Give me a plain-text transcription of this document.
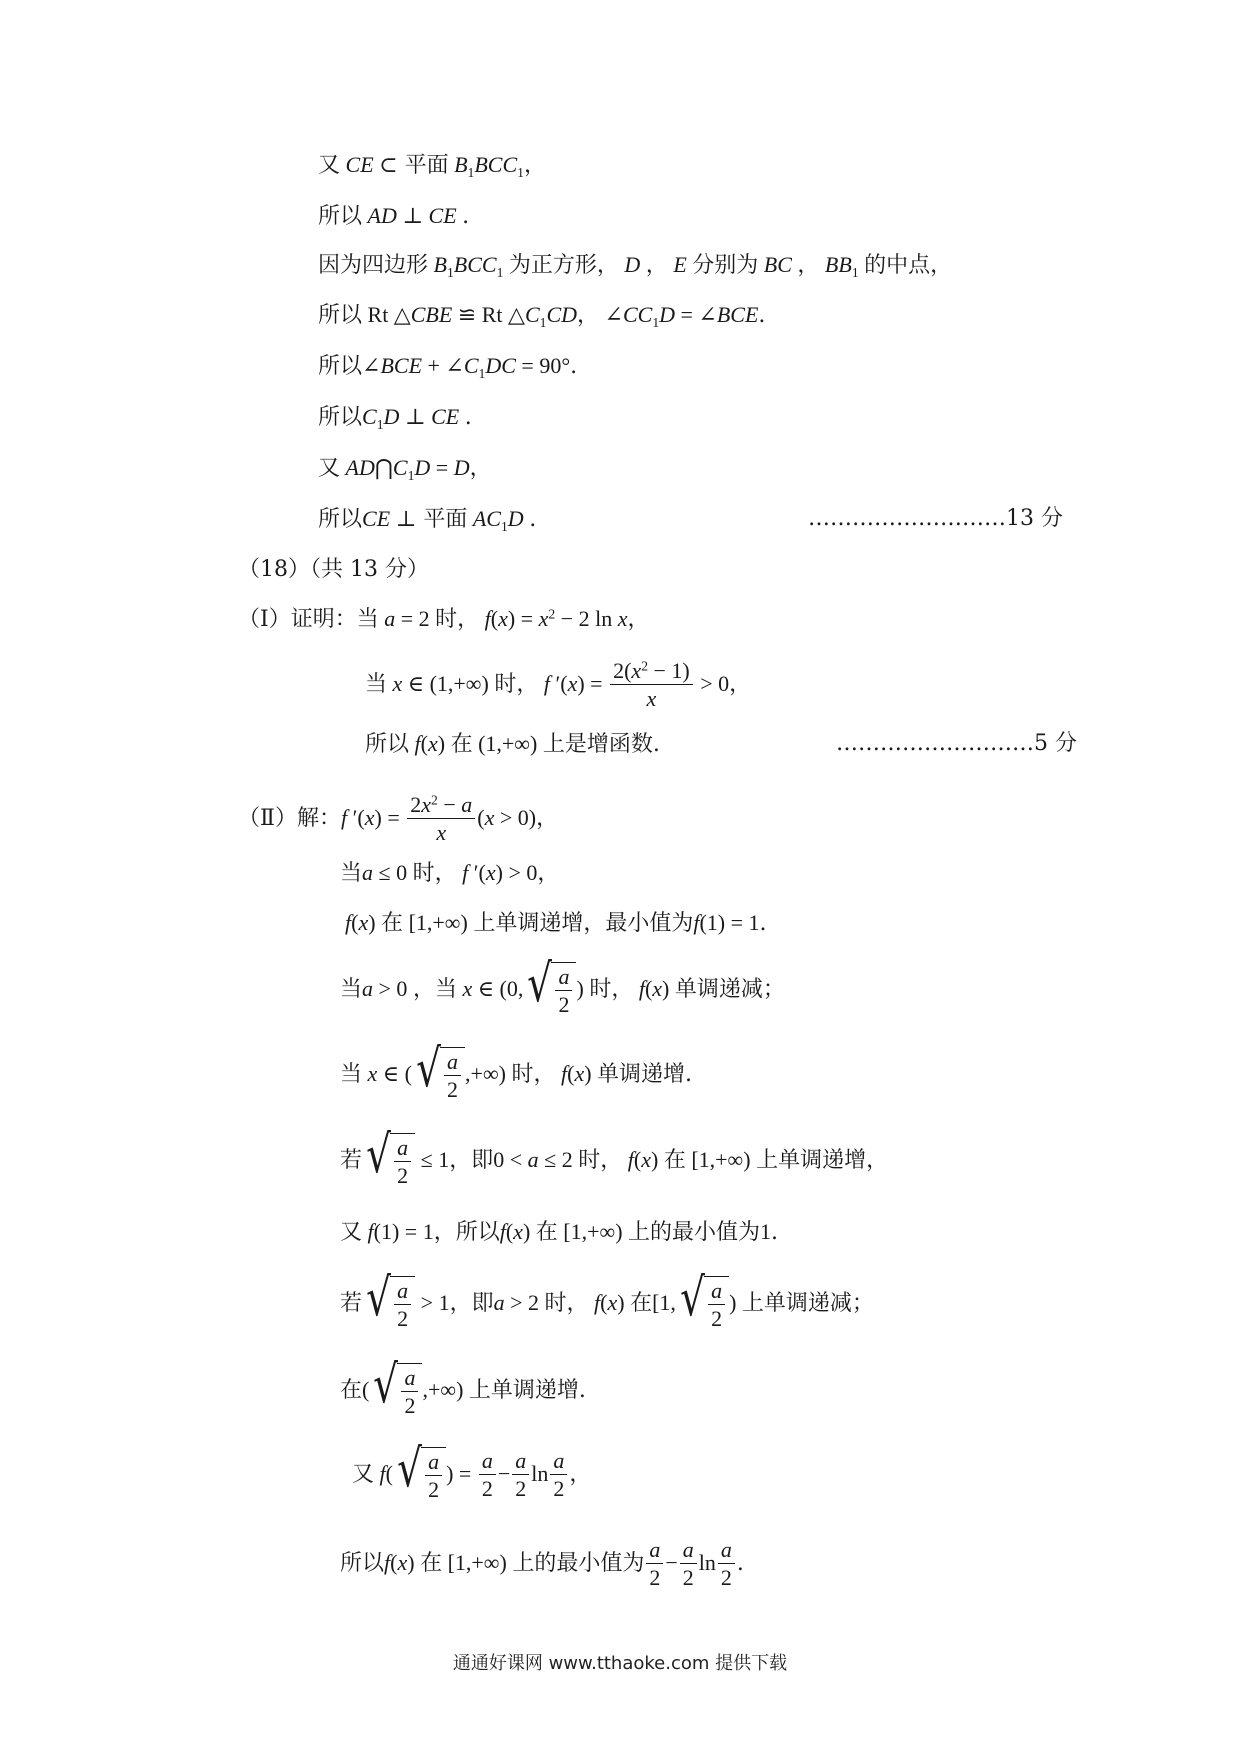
又 CE ⊂ 平面 $B_1BCC_1$，
所以 AD ⊥ CE .
因为四边形 $B_1BCC_1$ 为正方形， D ， E 分别为 BC ， $BB_1$ 的中点，
所以 Rt △CBE ≌ Rt $\triangle C_1CD$， $\angle CC_1D$ = ∠BCE.
所以∠BCE + $\angle C_1DC = 90^\circ$.
所以$C_1D$ ⊥ CE .
又 $AD⋂C_1D = D$，
所以CE ⊥ 平面 $AC_1D$ .	………………………13 分
（18）（共 13 分）
（Ⅰ）证明：当 a = 2 时， $f(x) = x^2 - 2$ ln x，
当 x ∈ (1,+∞) 时， f $'(x) = \frac{2(x^2 - 1)}{x} > 0$，
所以 f(x) 在 (1,+∞) 上是增函数.	………………………5 分
（Ⅱ）解：f $'(x) = \frac{2x^2 - a}{x} (x > 0)$，
当a ≤ 0 时， f ′(x) > 0，
f(x) 在 [1,+∞) 上单调递增，最小值为f(1) = 1.
当a > 0 ，当 x ∈ (0, √ $\frac{a}{2}$ ) 时， f(x) 单调递减；
当 x ∈ ( √ $\frac{a}{2}$ ,+∞) 时， f(x) 单调递增.
若 √ $\frac{a}{2} \le 1$，即0 < a ≤ 2 时， f(x) 在 [1,+∞) 上单调递增，
又 f(1) = 1，所以f(x) 在 [1,+∞) 上的最小值为1.
若 √ $\frac{a}{2} > 1$，即a > 2 时， f(x) 在[1, √ $\frac{a}{2}$ ) 上单调递减；
在( √ $\frac{a}{2}$ ,+∞) 上单调递增.
又 f( √ $\frac{a}{2}$ ) = $\frac{a}{2} - \frac{a}{2}$ $\ln \frac{a}{2}$ ，
所以f(x) 在 [1,+∞) 上的最小值为 $\frac{a}{2} - \frac{a}{2}$ $\ln \frac{a}{2}$ .
通通好课网 www.tthaoke.com 提供下载
